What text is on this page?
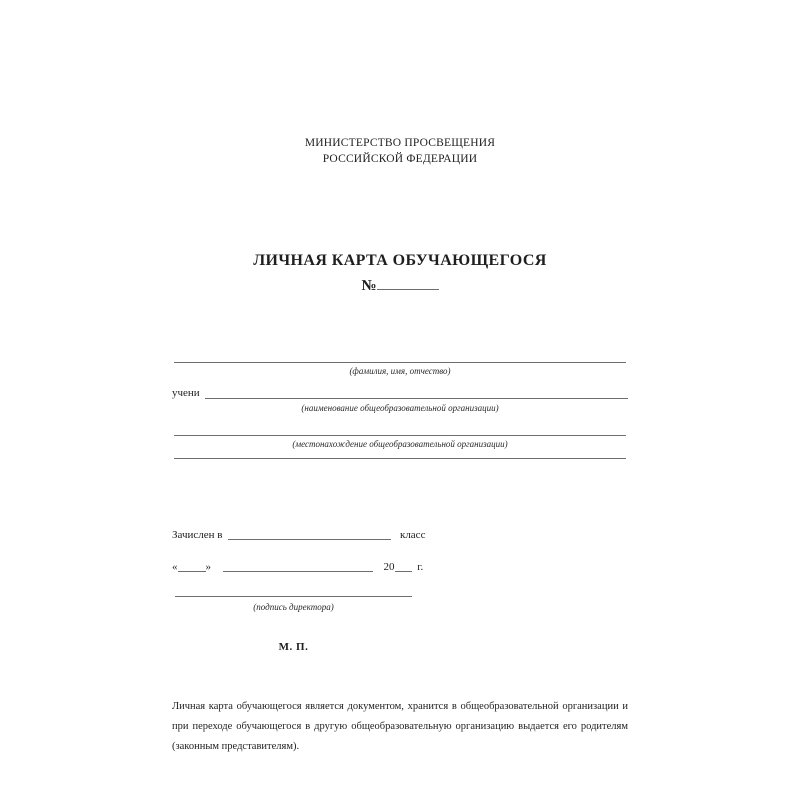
МИНИСТЕРСТВО ПРОСВЕЩЕНИЯ
РОССИЙСКОЙ ФЕДЕРАЦИИ
ЛИЧНАЯ КАРТА ОБУЧАЮЩЕГОСЯ
№
(фамилия, имя, отчество)
учени
(наименование общеобразовательной организации)
(местонахождение общеобразовательной организации)
Зачислен в	класс
«	»	20 г.
(подпись директора)
М. П.
Личная карта обучающегося является документом, хранится в общеобразовательной организации и при переходе обучающегося в другую общеобразовательную организацию выдается его родителям (законным представителям).
